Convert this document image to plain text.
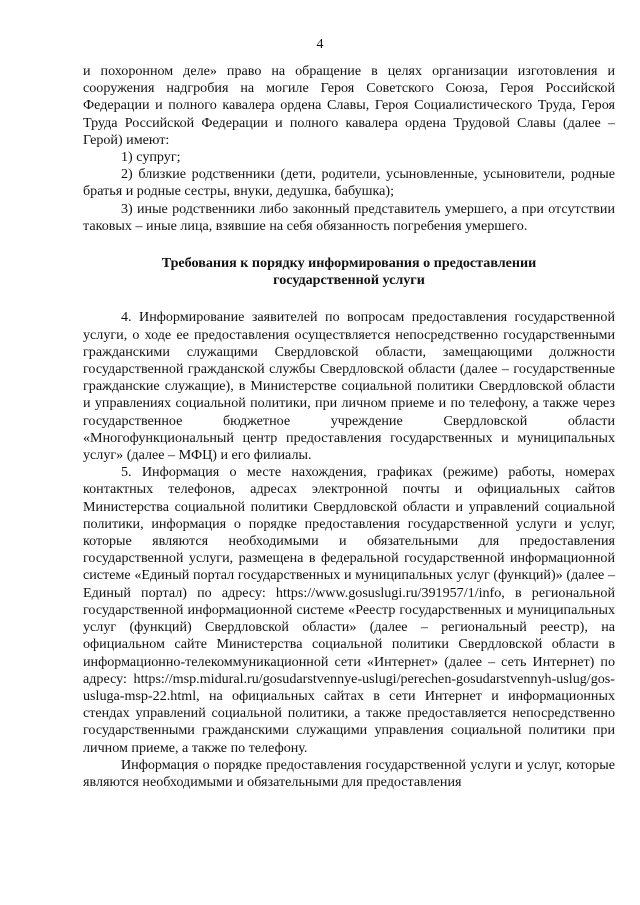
4

и похоронном деле» право на обращение в целях организации изготовления и сооружения надгробия на могиле Героя Советского Союза, Героя Российской Федерации и полного кавалера ордена Славы, Героя Социалистического Труда, Героя Труда Российской Федерации и полного кавалера ордена Трудовой Славы (далее – Герой) имеют:

1) супруг;

2) близкие родственники (дети, родители, усыновленные, усыновители, родные братья и родные сестры, внуки, дедушка, бабушка);

3) иные родственники либо законный представитель умершего, а при отсутствии таковых – иные лица, взявшие на себя обязанность погребения умершего.

Требования к порядку информирования о предоставлении
государственной услуги

4. Информирование заявителей по вопросам предоставления государственной услуги, о ходе ее предоставления осуществляется непосредственно государственными гражданскими служащими Свердловской области, замещающими должности государственной гражданской службы Свердловской области (далее – государственные гражданские служащие), в Министерстве социальной политики Свердловской области и управлениях социальной политики, при личном приеме и по телефону, а также через государственное бюджетное учреждение Свердловской области «Многофункциональный центр предоставления государственных и муниципальных услуг» (далее – МФЦ) и его филиалы.

5. Информация о месте нахождения, графиках (режиме) работы, номерах контактных телефонов, адресах электронной почты и официальных сайтов Министерства социальной политики Свердловской области и управлений социальной политики, информация о порядке предоставления государственной услуги и услуг, которые являются необходимыми и обязательными для предоставления государственной услуги, размещена в федеральной государственной информационной системе «Единый портал государственных и муниципальных услуг (функций)» (далее – Единый портал) по адресу: https://www.gosuslugi.ru/391957/1/info, в региональной государственной информационной системе «Реестр государственных и муниципальных услуг (функций) Свердловской области» (далее – региональный реестр), на официальном сайте Министерства социальной политики Свердловской области в информационно-телекоммуникационной сети «Интернет» (далее – сеть Интернет) по адресу: https://msp.midural.ru/gosudarstvennye-uslugi/perechen-gosudarstvennyh-uslug/gos-usluga-msp-22.html, на официальных сайтах в сети Интернет и информационных стендах управлений социальной политики, а также предоставляется непосредственно государственными гражданскими служащими управления социальной политики при личном приеме, а также по телефону.

Информация о порядке предоставления государственной услуги и услуг, которые являются необходимыми и обязательными для предоставления
